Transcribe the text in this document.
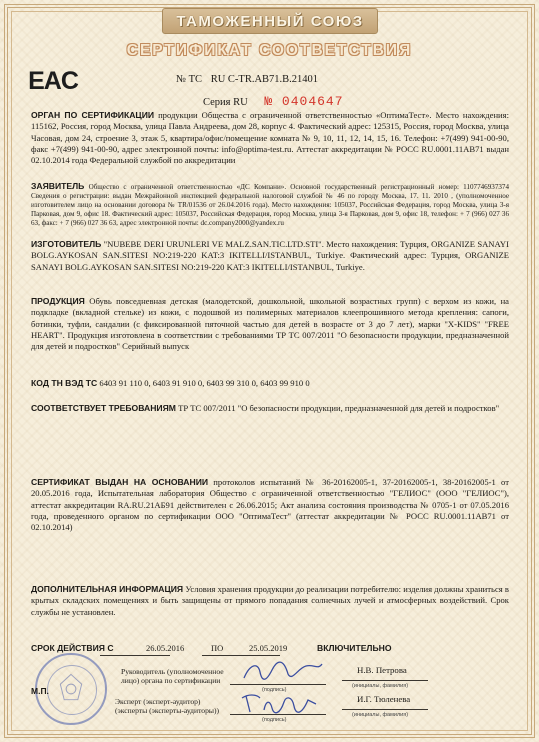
ТАМОЖЕННЫЙ СОЮЗ
СЕРТИФИКАТ СООТВЕТСТВИЯ
EAC	№ ТС RU C-TR.АВ71.В.21401
Серия RU № 0404647
ОРГАН ПО СЕРТИФИКАЦИИ продукции Общества с ограниченной ответственностью «ОптимаТест». Место нахождения: 115162, Россия, город Москва, улица Павла Андреева, дом 28, корпус 4. Фактический адрес: 125315, Россия, город Москва, улица Часовая, дом 24, строение 3, этаж 5, квартира/офис/помещение комната № 9, 10, 11, 12, 14, 15, 16. Телефон: +7(499) 941-00-90, факс +7(499) 941-00-90, адрес электронной почты: info@optima-test.ru. Аттестат аккредитации № РОСС RU.0001.11АВ71 выдан 02.10.2014 года Федеральной службой по аккредитации
ЗАЯВИТЕЛЬ Общество с ограниченной ответственностью «ДС Компани». Основной государственный регистрационный номер: 1107746937374 Сведения о регистрации: выдан Межрайонной инспекцией федеральной налоговой службой № 46 по городу Москва, 17. 11. 2010 , (уполномоченное изготовителем лицо на основании договора № TR/01536 от 26.04.2016 года). Место нахождения: 105037, Российская Федерация, город Москва, улица 3-я Парковая, дом 9, офис 18. Фактический адрес: 105037, Российская Федерация, город Москва, улица 3-я Парковая, дом 9, офис 18, телефон: + 7 (966) 027 36 63, факс: + 7 (966) 027 36 63, адрес электронной почты: dc.company2000@yandex.ru
ИЗГОТОВИТЕЛЬ "NUBEBE DERI URUNLERI VE MALZ.SAN.TIC.LTD.STI". Место нахождения: Турция, ORGANIZE SANAYI BOLG.AYKOSAN SAN.SITESI NO:219-220 KAT:3 IKITELLI/ISTANBUL, Turkiye. Фактический адрес: Турция, ORGANIZE SANAYI BOLG.AYKOSAN SAN.SITESI NO:219-220 KAT:3 IKITELLI/ISTANBUL, Turkiye.
ПРОДУКЦИЯ Обувь повседневная детская (малодетской, дошкольной, школьной возрастных групп) с верхом из кожи, на подкладке (вкладной стельке) из кожи, с подошвой из полимерных материалов клеепрошивного метода крепления: сапоги, ботинки, туфли, сандалии (с фиксированной пяточной частью для детей в возрасте от 3 до 7 лет), марки "X-KIDS" "FREE HEART". Продукция изготовлена в соответствии с требованиями ТР ТС 007/2011 "О безопасности продукции, предназначенной для детей и подростков" Серийный выпуск
КОД ТН ВЭД ТС 6403 91 110 0, 6403 91 910 0, 6403 99 310 0, 6403 99 910 0
СООТВЕТСТВУЕТ ТРЕБОВАНИЯМ ТР ТС 007/2011 "О безопасности продукции, предназначенной для детей и подростков"
СЕРТИФИКАТ ВЫДАН НА ОСНОВАНИИ протоколов испытаний № 36-20162005-1, 37-20162005-1, 38-20162005-1 от 20.05.2016 года, Испытательная лаборатория Общество с ограниченной ответственностью "ГЕЛИОС" (ООО "ГЕЛИОС"), аттестат аккредитации RA.RU.21АБ91 действителен с 26.06.2015; Акт анализа состояния производства № 0705-1 от 07.05.2016 года, проведенного органом по сертификации ООО "ОптимаТест" (аттестат аккредитации № РОСС RU.0001.11АВ71 от 02.10.2014)
ДОПОЛНИТЕЛЬНАЯ ИНФОРМАЦИЯ Условия хранения продукции до реализации потребителю: изделия должны храниться в крытых складских помещениях и быть защищены от прямого попадания солнечных лучей и атмосферных воздействий. Срок службы не установлен.
СРОК ДЕЙСТВИЯ С	26.05.2016	ПО	25.05.2019	ВКЛЮЧИТЕЛЬНО
М.П.
Руководитель (уполномоченное
лицо) органа по сертификации
(подпись)
Н.В. Петрова
(инициалы, фамилия)
Эксперт (эксперт-аудитор)
(эксперты (эксперты-аудиторы))
(подпись)
И.Г. Тюленева
(инициалы, фамилия)
